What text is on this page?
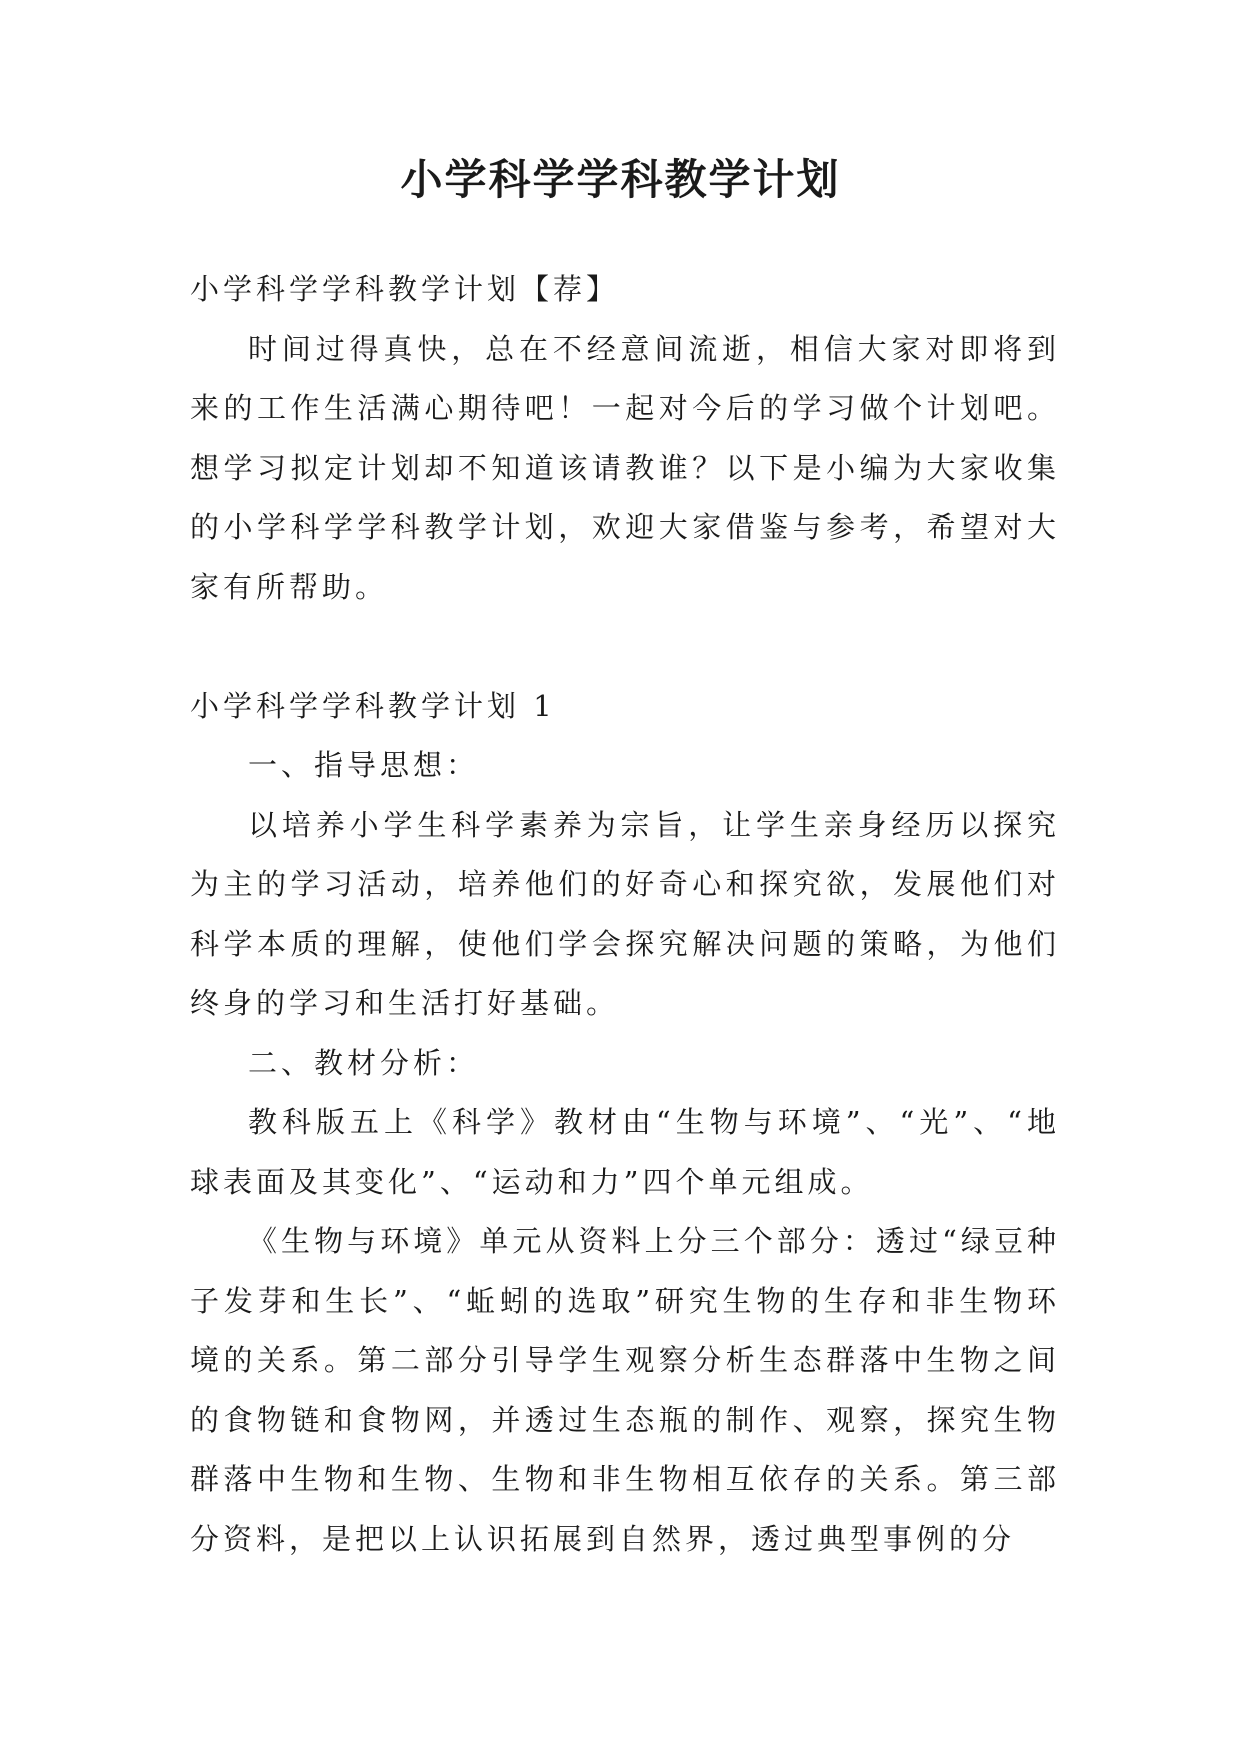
小学科学学科教学计划

小学科学学科教学计划【荐】

时间过得真快，总在不经意间流逝，相信大家对即将到来的工作生活满心期待吧！一起对今后的学习做个计划吧。想学习拟定计划却不知道该请教谁？以下是小编为大家收集的小学科学学科教学计划，欢迎大家借鉴与参考，希望对大家有所帮助。

小学科学学科教学计划 1

一、指导思想：

以培养小学生科学素养为宗旨，让学生亲身经历以探究为主的学习活动，培养他们的好奇心和探究欲，发展他们对科学本质的理解，使他们学会探究解决问题的策略，为他们终身的学习和生活打好基础。

二、教材分析：

教科版五上《科学》教材由“生物与环境”、“光”、“地球表面及其变化”、“运动和力”四个单元组成。

《生物与环境》单元从资料上分三个部分：透过“绿豆种子发芽和生长”、“蚯蚓的选取”研究生物的生存和非生物环境的关系。第二部分引导学生观察分析生态群落中生物之间的食物链和食物网，并透过生态瓶的制作、观察，探究生物群落中生物和生物、生物和非生物相互依存的关系。第三部分资料，是把以上认识拓展到自然界，透过典型事例的分
